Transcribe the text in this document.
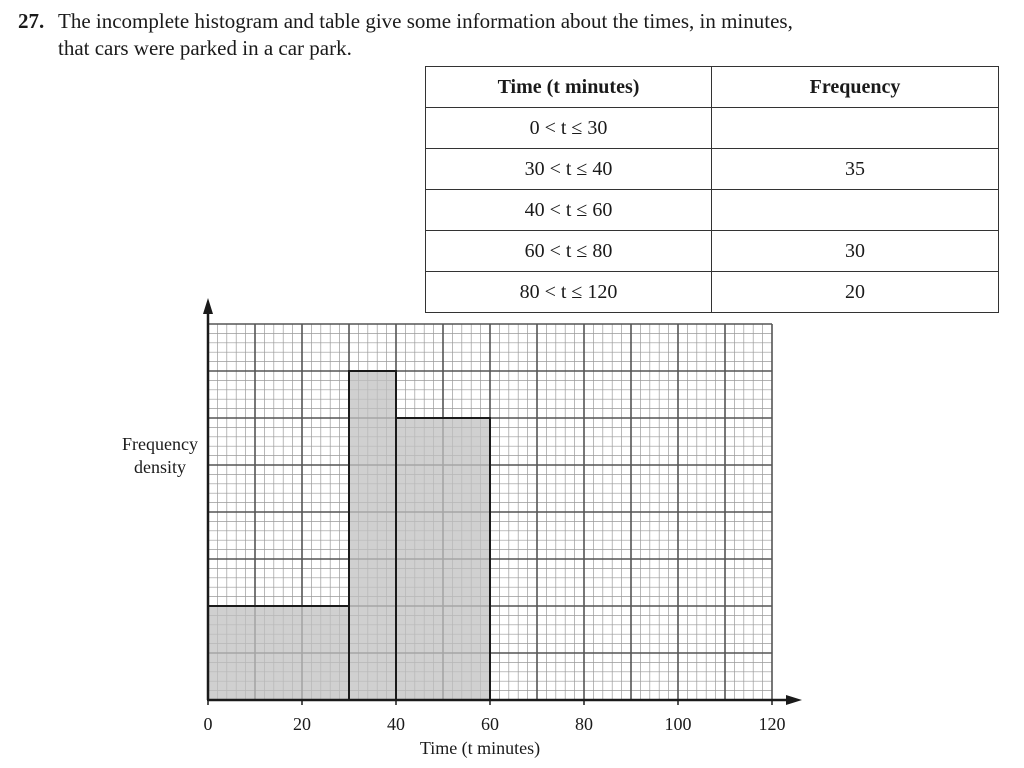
27. The incomplete histogram and table give some information about the times, in minutes,
that cars were parked in a car park.
Time (t minutes)	Frequency
0 < t ≤ 30	
30 < t ≤ 40	35
40 < t ≤ 60	
60 < t ≤ 80	30
80 < t ≤ 120	20
Frequency
density
Time (t minutes)
0	20	40	60	80	100	120
